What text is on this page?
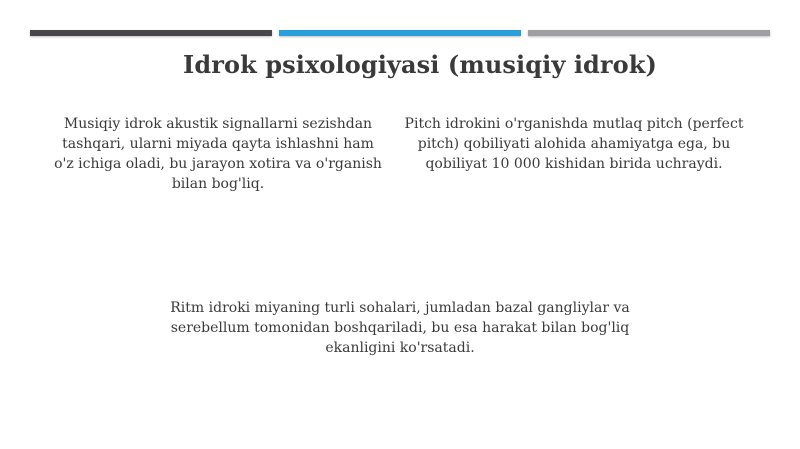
Idrok psixologiyasi (musiqiy idrok)
Musiqiy idrok akustik signallarni sezishdan tashqari, ularni miyada qayta ishlashni ham o'z ichiga oladi, bu jarayon xotira va o'rganish bilan bog'liq.
Pitch idrokini o'rganishda mutlaq pitch (perfect pitch) qobiliyati alohida ahamiyatga ega, bu qobiliyat 10 000 kishidan birida uchraydi.
Ritm idroki miyaning turli sohalari, jumladan bazal gangliylar va serebellum tomonidan boshqariladi, bu esa harakat bilan bog'liq ekanligini ko'rsatadi.
